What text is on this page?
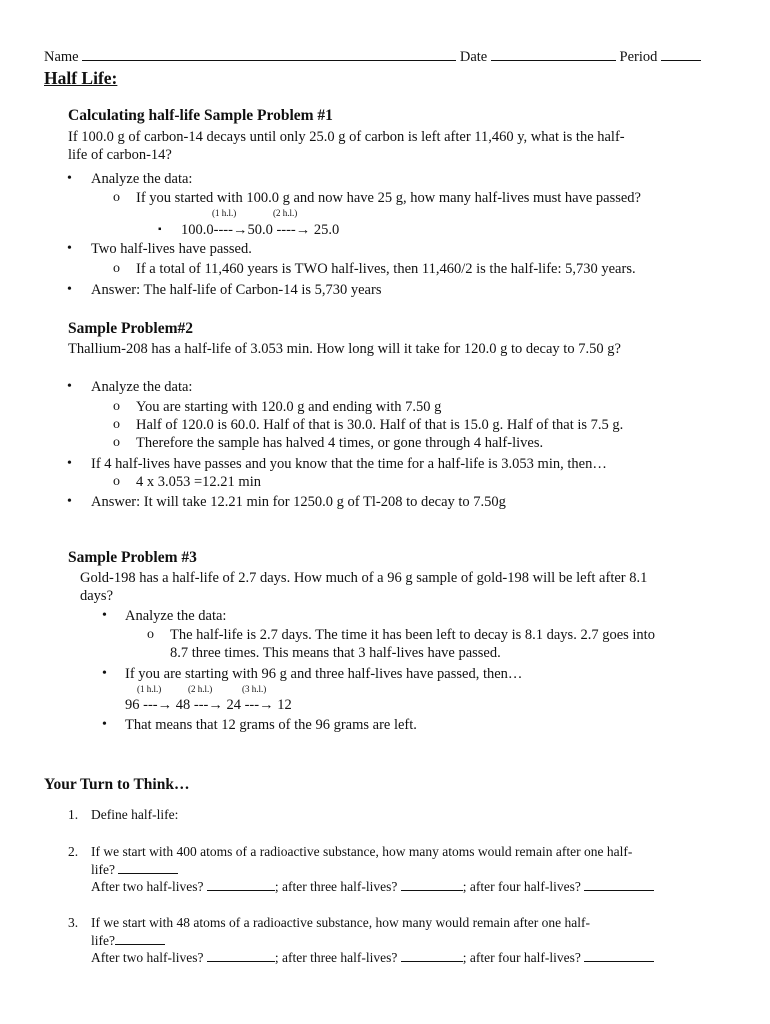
Name	Date	Period
Half Life:
Calculating half-life Sample Problem #1
If 100.0 g of carbon-14 decays until only 25.0 g of carbon is left after 11,460 y, what is the half-
life of carbon-14?
• Analyze the data:
o If you started with 100.0 g and now have 25 g, how many half-lives must have passed?
(1 h.l.)	(2 h.l.)
▪ 100.0----→50.0 ----→ 25.0
• Two half-lives have passed.
o If a total of 11,460 years is TWO half-lives, then 11,460/2 is the half-life: 5,730 years.
• Answer: The half-life of Carbon-14 is 5,730 years
Sample Problem#2
Thallium-208 has a half-life of 3.053 min. How long will it take for 120.0 g to decay to 7.50 g?
• Analyze the data:
o You are starting with 120.0 g and ending with 7.50 g
o Half of 120.0 is 60.0. Half of that is 30.0. Half of that is 15.0 g. Half of that is 7.5 g.
o Therefore the sample has halved 4 times, or gone through 4 half-lives.
• If 4 half-lives have passes and you know that the time for a half-life is 3.053 min, then…
o 4 x 3.053 =12.21 min
• Answer: It will take 12.21 min for 1250.0 g of Tl-208 to decay to 7.50g
Sample Problem #3
Gold-198 has a half-life of 2.7 days. How much of a 96 g sample of gold-198 will be left after 8.1
days?
• Analyze the data:
o The half-life is 2.7 days. The time it has been left to decay is 8.1 days. 2.7 goes into
8.7 three times. This means that 3 half-lives have passed.
• If you are starting with 96 g and three half-lives have passed, then…
(1 h.l.)	(2 h.l.)	(3 h.l.)
96 ---→ 48 ---→ 24 ---→ 12
• That means that 12 grams of the 96 grams are left.
Your Turn to Think…
1. Define half-life:
2. If we start with 400 atoms of a radioactive substance, how many atoms would remain after one half-
life?
After two half-lives?	; after three half-lives?	; after four half-lives?
3. If we start with 48 atoms of a radioactive substance, how many would remain after one half-
life?
After two half-lives?	; after three half-lives?	; after four half-lives?
